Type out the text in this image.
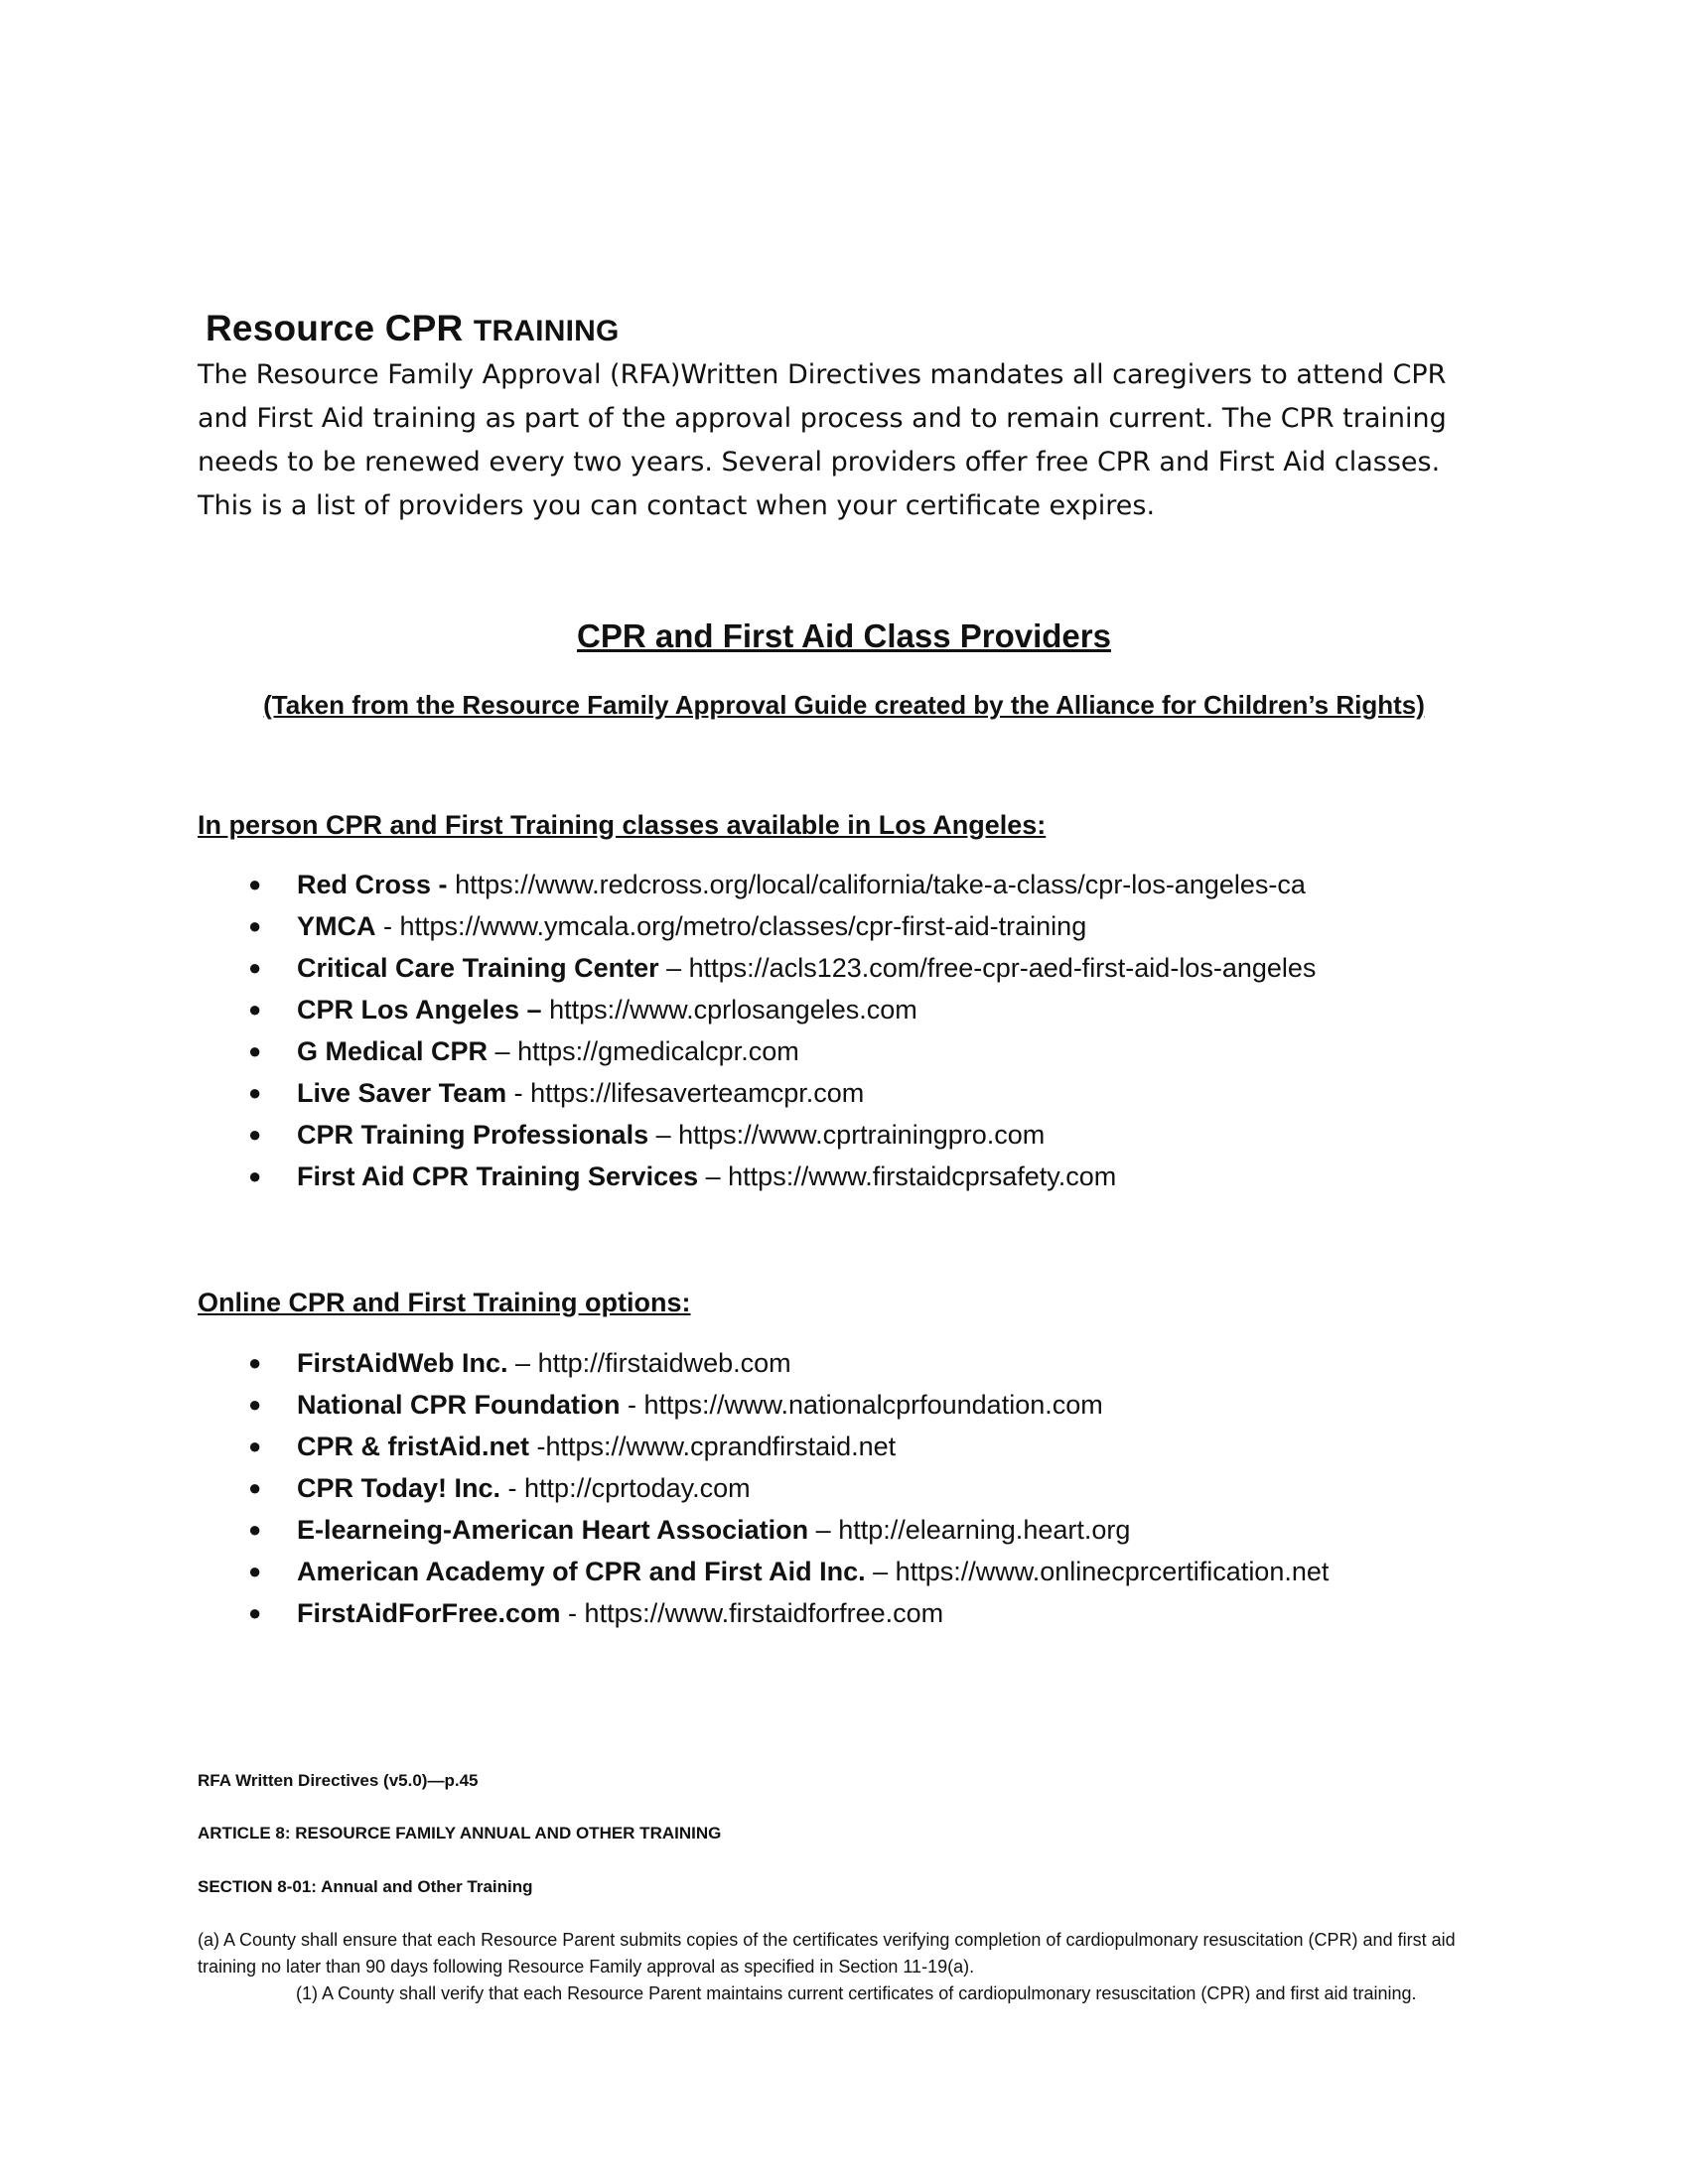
Resource CPR TRAINING

The Resource Family Approval (RFA)Written Directives mandates all caregivers to attend CPR and First Aid training as part of the approval process and to remain current. The CPR training needs to be renewed every two years. Several providers offer free CPR and First Aid classes. This is a list of providers you can contact when your certificate expires.

CPR and First Aid Class Providers
(Taken from the Resource Family Approval Guide created by the Alliance for Children’s Rights)
In person CPR and First Training classes available in Los Angeles:
● Red Cross - https://www.redcross.org/local/california/take-a-class/cpr-los-angeles-ca
● YMCA - https://www.ymcala.org/metro/classes/cpr-first-aid-training
● Critical Care Training Center – https://acls123.com/free-cpr-aed-first-aid-los-angeles
● CPR Los Angeles – https://www.cprlosangeles.com
● G Medical CPR – https://gmedicalcpr.com
● Live Saver Team - https://lifesaverteamcpr.com
● CPR Training Professionals – https://www.cprtrainingpro.com
● First Aid CPR Training Services – https://www.firstaidcprsafety.com
Online CPR and First Training options:
● FirstAidWeb Inc. – http://firstaidweb.com
● National CPR Foundation - https://www.nationalcprfoundation.com
● CPR & fristAid.net -https://www.cprandfirstaid.net
● CPR Today! Inc. - http://cprtoday.com
● E-learneing-American Heart Association – http://elearning.heart.org
● American Academy of CPR and First Aid Inc. – https://www.onlinecprcertification.net
● FirstAidForFree.com - https://www.firstaidforfree.com
RFA Written Directives (v5.0)—p.45
ARTICLE 8: RESOURCE FAMILY ANNUAL AND OTHER TRAINING
SECTION 8-01: Annual and Other Training

(a) A County shall ensure that each Resource Parent submits copies of the certificates verifying completion of cardiopulmonary resuscitation (CPR) and first aid training no later than 90 days following Resource Family approval as specified in Section 11-19(a).

(1) A County shall verify that each Resource Parent maintains current certificates of cardiopulmonary resuscitation (CPR) and first aid training.
